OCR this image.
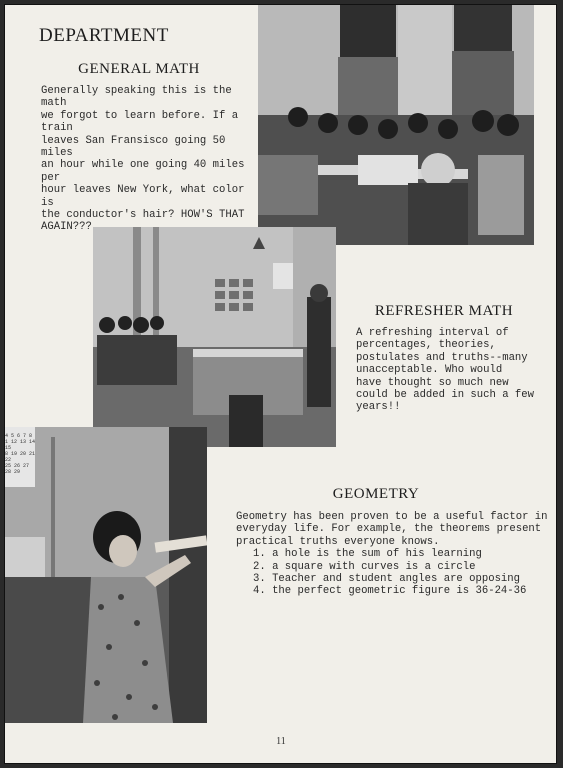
DEPARTMENT
GENERAL MATH
Generally speaking this is the math
we forgot to learn before. If a train
leaves San Fransisco going 50 miles
an hour while one going 40 miles per
hour leaves New York, what color is
the conductor's hair? HOW'S THAT
AGAIN???
REFRESHER MATH
A refreshing interval of
percentages, theories,
postulates and truths--many
unacceptable. Who would
have thought so much new
could be added in such a few
years!!
4 5 6 7 8
1 12 13 14 15
8 19 20 21 22
25 26 27 28 29
GEOMETRY
Geometry has been proven to be a useful factor in
everyday life. For example, the theorems present
practical truths everyone knows.
1. a hole is the sum of his learning
2. a square with curves is a circle
3. Teacher and student angles are opposing
4. the perfect geometric figure is 36-24-36
11
